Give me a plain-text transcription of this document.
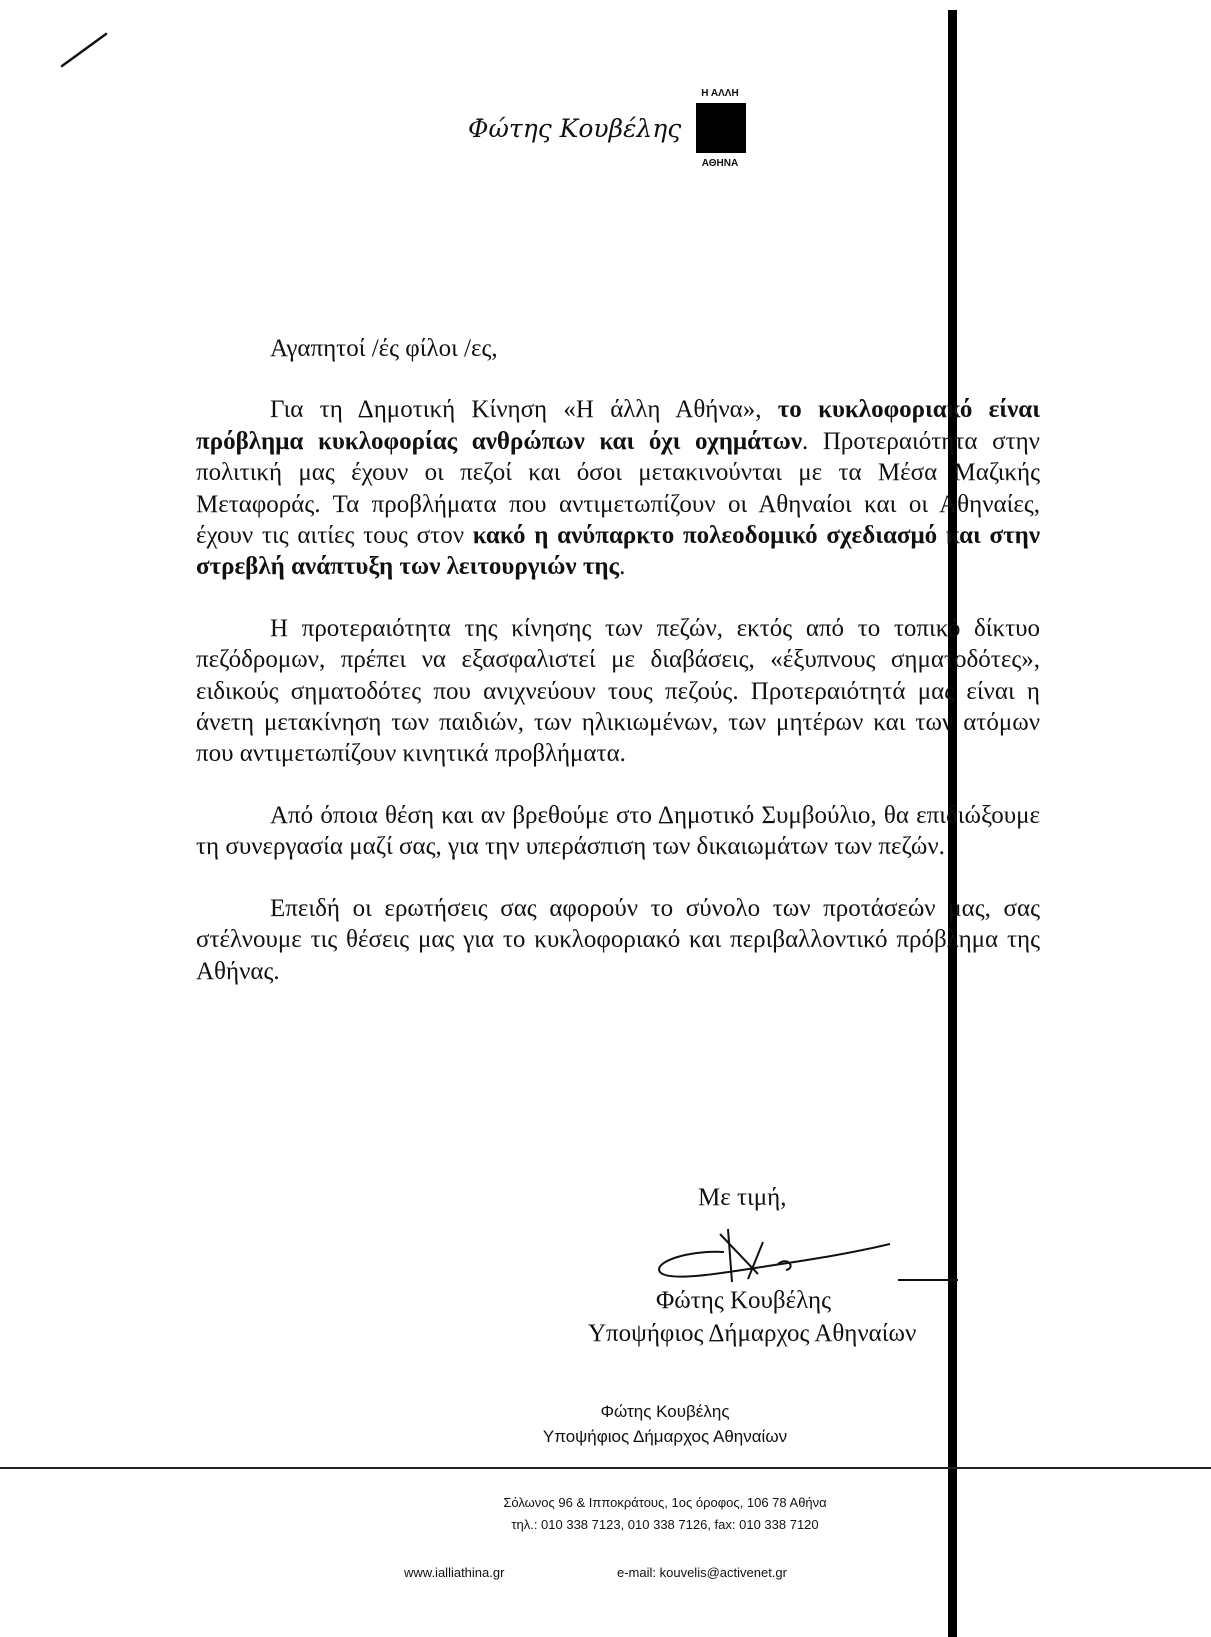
Φώτης Κουβέλης
Η ΑΛΛΗ
ΑΘΗΝΑ

Αγαπητοί /ές φίλοι /ες,

Για τη Δημοτική Κίνηση «Η άλλη Αθήνα», το κυκλοφοριακό είναι πρόβλημα κυκλοφορίας ανθρώπων και όχι οχημάτων. Προτεραιότητα στην πολιτική μας έχουν οι πεζοί και όσοι μετακινούνται με τα Μέσα Μαζικής Μεταφοράς. Τα προβλήματα που αντιμετωπίζουν οι Αθηναίοι και οι Αθηναίες, έχουν τις αιτίες τους στον κακό η ανύπαρκτο πολεοδομικό σχεδιασμό και στην στρεβλή ανάπτυξη των λειτουργιών της.

Η προτεραιότητα της κίνησης των πεζών, εκτός από το τοπικό δίκτυο πεζόδρομων, πρέπει να εξασφαλιστεί με διαβάσεις, «έξυπνους σηματοδότες», ειδικούς σηματοδότες που ανιχνεύουν τους πεζούς. Προτεραιότητά μας είναι η άνετη μετακίνηση των παιδιών, των ηλικιωμένων, των μητέρων και των ατόμων που αντιμετωπίζουν κινητικά προβλήματα.

Από όποια θέση και αν βρεθούμε στο Δημοτικό Συμβούλιο, θα επιδιώξουμε τη συνεργασία μαζί σας, για την υπεράσπιση των δικαιωμάτων των πεζών.

Επειδή οι ερωτήσεις σας αφορούν το σύνολο των προτάσεών μας, σας στέλνουμε τις θέσεις μας για το κυκλοφοριακό και περιβαλλοντικό πρόβλημα της Αθήνας.

Με τιμή,
Φώτης Κουβέλης
Υποψήφιος Δήμαρχος Αθηναίων
Φώτης Κουβέλης
Υποψήφιος Δήμαρχος Αθηναίων
Σόλωνος 96 & Ιπποκράτους, 1ος όροφος, 106 78 Αθήνα
τηλ.: 010 338 7123, 010 338 7126, fax: 010 338 7120
www.ialliathina.gr	e-mail: kouvelis@activenet.gr
